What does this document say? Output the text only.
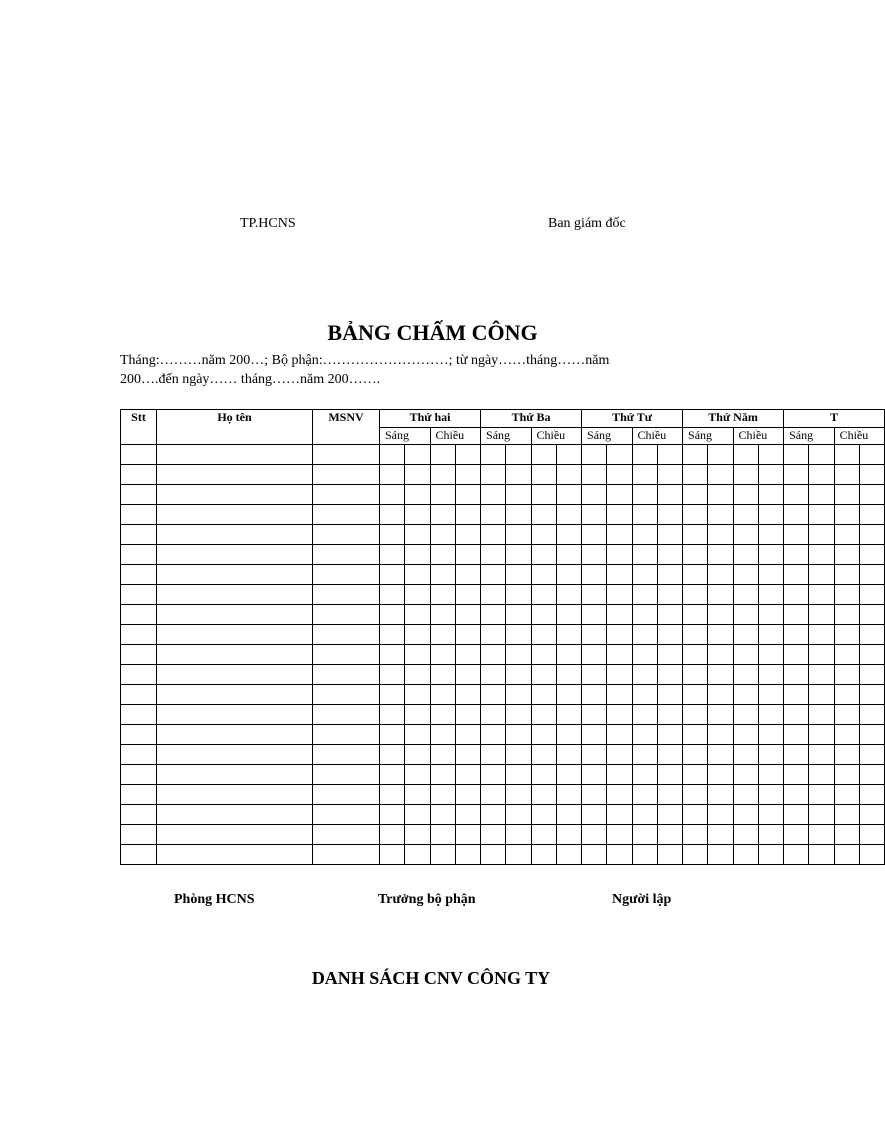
TP.HCNS	Ban giám đốc
BẢNG CHẤM CÔNG
Tháng:………năm 200…; Bộ phận:………………………; từ ngày……tháng……năm
200….đến ngày…… tháng……năm 200…….
Stt	Họ tên	MSNV	Thứ hai				Thứ Ba				Thứ Tư				Thứ Năm				T			
			Sáng		Chiều		Sáng		Chiều		Sáng		Chiều		Sáng		Chiều		Sáng		Chiều	

Phòng HCNS	Trưởng bộ phận	Người lập
DANH SÁCH CNV CÔNG TY
